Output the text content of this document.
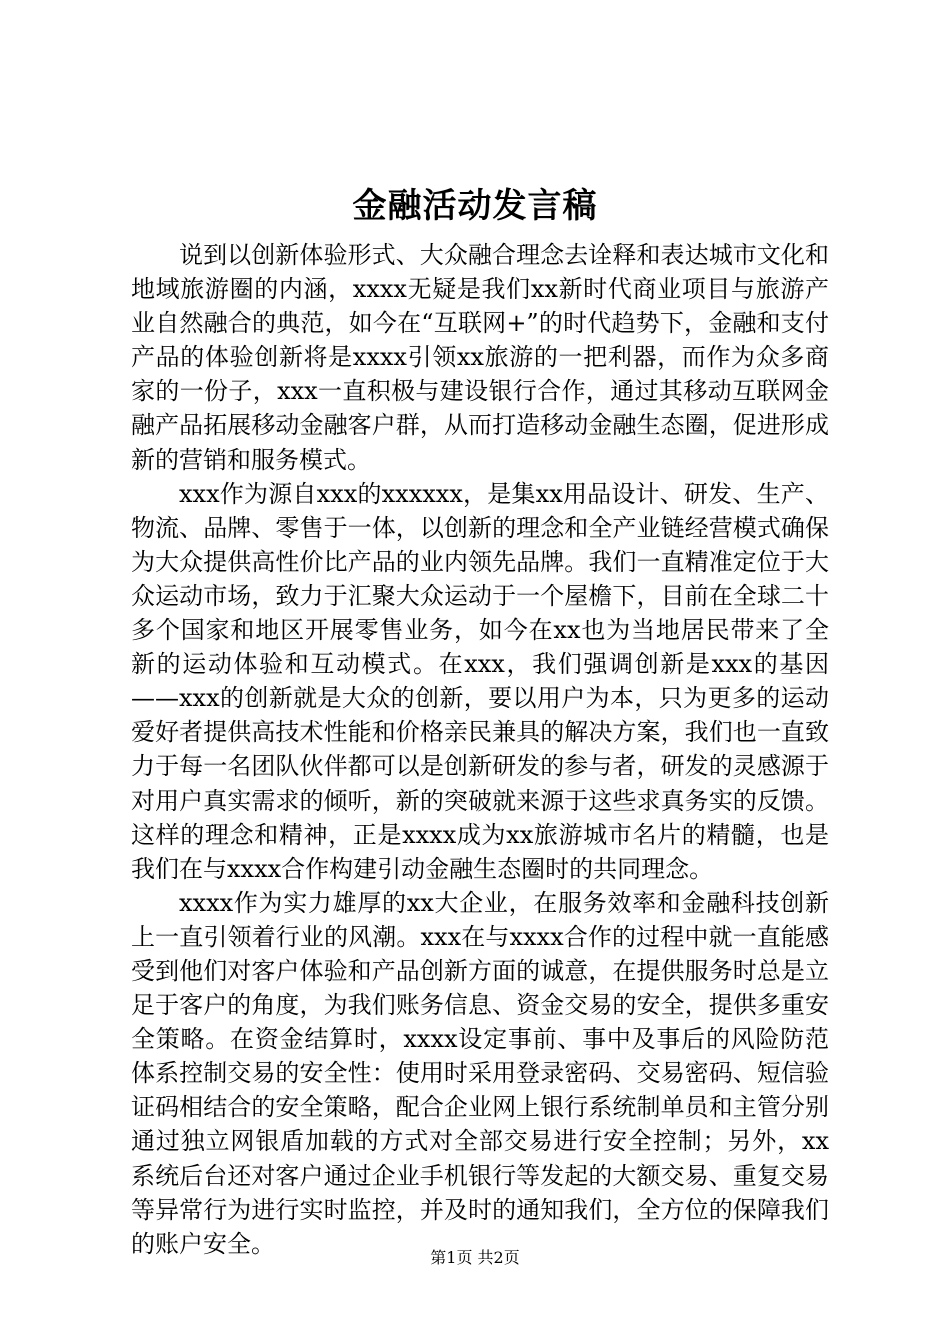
金融活动发言稿

说到以创新体验形式、大众融合理念去诠释和表达城市文化和地域旅游圈的内涵，xxxx无疑是我们xx新时代商业项目与旅游产业自然融合的典范，如今在“互联网+”的时代趋势下，金融和支付产品的体验创新将是xxxx引领xx旅游的一把利器，而作为众多商家的一份子，xxx一直积极与建设银行合作，通过其移动互联网金融产品拓展移动金融客户群，从而打造移动金融生态圈，促进形成新的营销和服务模式。

xxx作为源自xxx的xxxxxx，是集xx用品设计、研发、生产、物流、品牌、零售于一体，以创新的理念和全产业链经营模式确保为大众提供高性价比产品的业内领先品牌。我们一直精准定位于大众运动市场，致力于汇聚大众运动于一个屋檐下，目前在全球二十多个国家和地区开展零售业务，如今在xx也为当地居民带来了全新的运动体验和互动模式。在xxx，我们强调创新是xxx的基因——xxx的创新就是大众的创新，要以用户为本，只为更多的运动爱好者提供高技术性能和价格亲民兼具的解决方案，我们也一直致力于每一名团队伙伴都可以是创新研发的参与者，研发的灵感源于对用户真实需求的倾听，新的突破就来源于这些求真务实的反馈。这样的理念和精神，正是xxxx成为xx旅游城市名片的精髓，也是我们在与xxxx合作构建引动金融生态圈时的共同理念。

xxxx作为实力雄厚的xx大企业，在服务效率和金融科技创新上一直引领着行业的风潮。xxx在与xxxx合作的过程中就一直能感受到他们对客户体验和产品创新方面的诚意，在提供服务时总是立足于客户的角度，为我们账务信息、资金交易的安全，提供多重安全策略。在资金结算时，xxxx设定事前、事中及事后的风险防范体系控制交易的安全性：使用时采用登录密码、交易密码、短信验证码相结合的安全策略，配合企业网上银行系统制单员和主管分别通过独立网银盾加载的方式对全部交易进行安全控制；另外，xx系统后台还对客户通过企业手机银行等发起的大额交易、重复交易等异常行为进行实时监控，并及时的通知我们，全方位的保障我们的账户安全。	第1页 共2页
